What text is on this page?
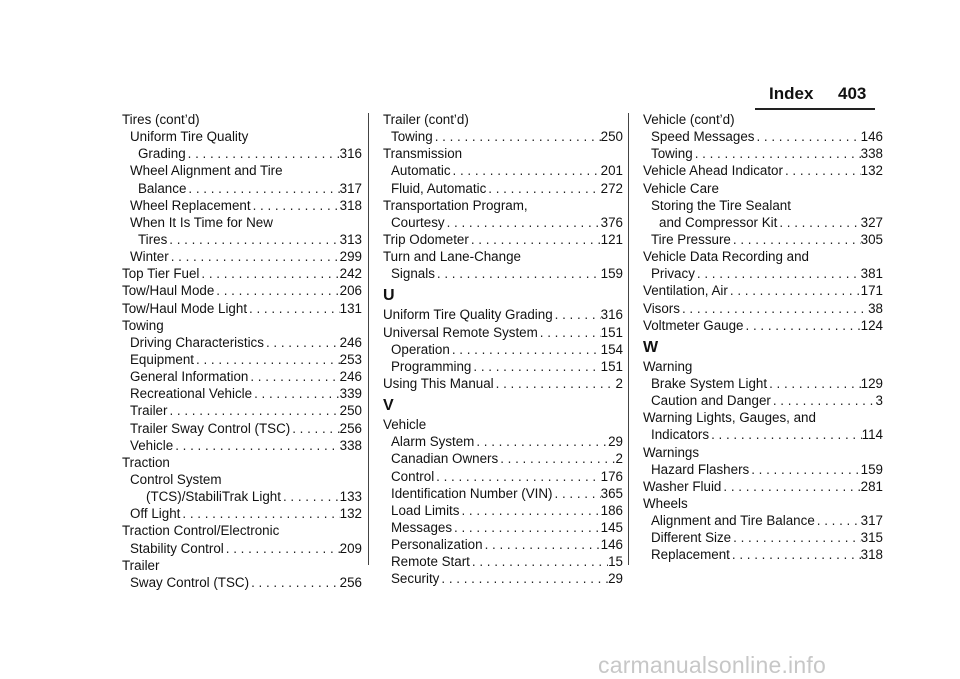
Index 403
Tires (cont’d)
Uniform Tire Quality
Grading . . .	316
Wheel Alignment and Tire
Balance . . .	317
Wheel Replacement . . .	318
When It Is Time for New
Tires . . .	313
Winter . . .	299
Top Tier Fuel . . .	242
Tow/Haul Mode . . .	206
Tow/Haul Mode Light . . .	131
Towing
Driving Characteristics . . .	246
Equipment . . .	253
General Information . . .	246
Recreational Vehicle . . .	339
Trailer . . .	250
Trailer Sway Control (TSC) . . .	256
Vehicle . . .	338
Traction
Control System
(TCS)/StabiliTrak Light . . .	133
Off Light . . .	132
Traction Control/Electronic
Stability Control . . .	209
Trailer
Sway Control (TSC) . . .	256
Trailer (cont’d)
Towing . . .	250
Transmission
Automatic . . .	201
Fluid, Automatic . . .	272
Transportation Program,
Courtesy . . .	376
Trip Odometer . . .	121
Turn and Lane-Change
Signals . . .	159
U
Uniform Tire Quality Grading . . .	316
Universal Remote System . . .	151
Operation . . .	154
Programming . . .	151
Using This Manual . . .	2
V
Vehicle
Alarm System . . .	29
Canadian Owners . . .	2
Control . . .	176
Identification Number (VIN) . . .	365
Load Limits . . .	186
Messages . . .	145
Personalization . . .	146
Remote Start . . .	15
Security . . .	29
Vehicle (cont’d)
Speed Messages . . .	146
Towing . . .	338
Vehicle Ahead Indicator . . .	132
Vehicle Care
Storing the Tire Sealant
and Compressor Kit . . .	327
Tire Pressure . . .	305
Vehicle Data Recording and
Privacy . . .	381
Ventilation, Air . . .	171
Visors . . .	38
Voltmeter Gauge . . .	124
W
Warning
Brake System Light . . .	129
Caution and Danger . . .	3
Warning Lights, Gauges, and
Indicators . . .	114
Warnings
Hazard Flashers . . .	159
Washer Fluid . . .	281
Wheels
Alignment and Tire Balance . . .	317
Different Size . . .	315
Replacement . . .	318
carmanualsonline.info
